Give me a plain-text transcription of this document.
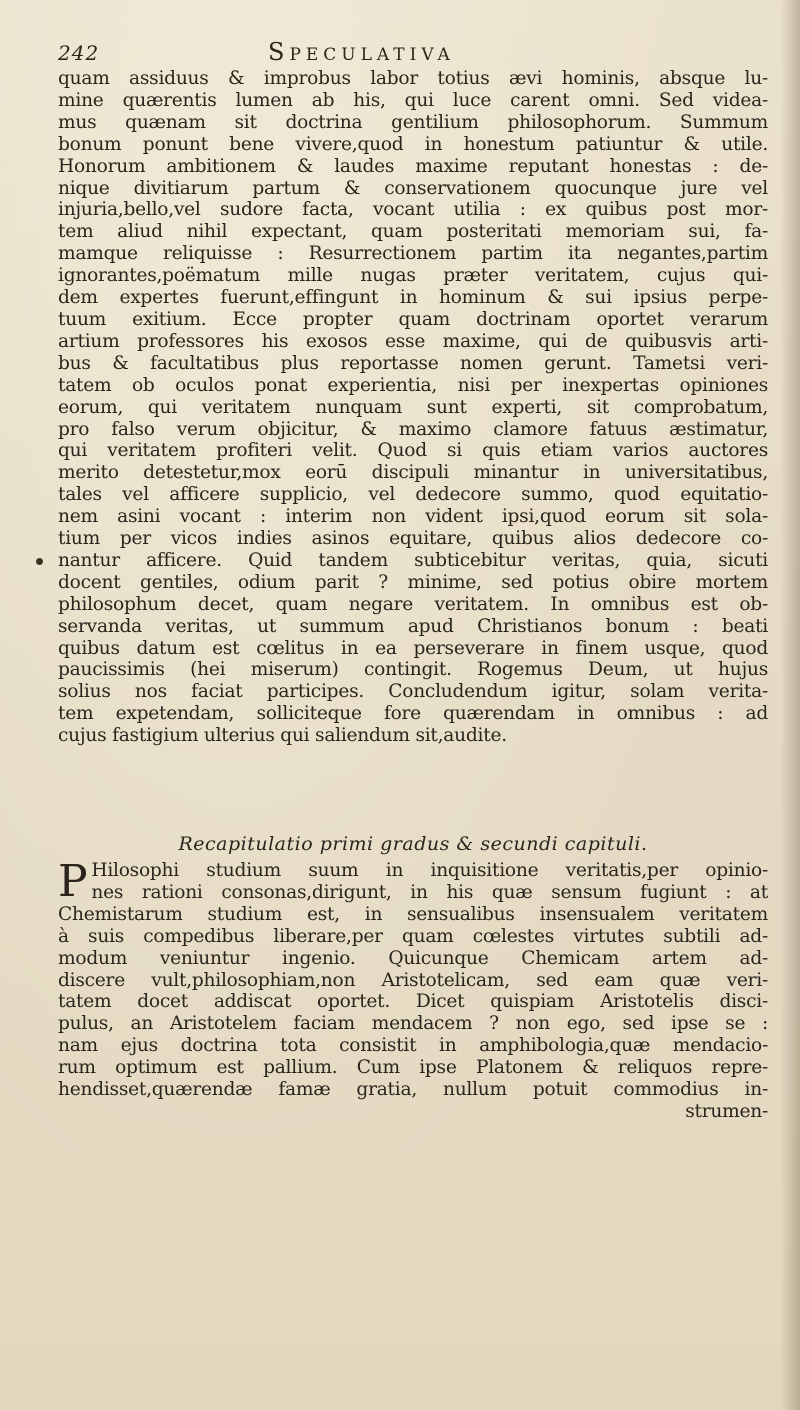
242	Speculativa
quam assiduus & improbus labor totius ævi hominis, absque lu-
mine quærentis lumen ab his, qui luce carent omni. Sed videa-
mus quænam sit doctrina gentilium philosophorum. Summum
bonum ponunt bene vivere,quod in honestum patiuntur & utile.
Honorum ambitionem & laudes maxime reputant honestas : de-
nique divitiarum partum & conservationem quocunque jure vel
injuria,bello,vel sudore facta, vocant utilia : ex quibus post mor-
tem aliud nihil expectant, quam posteritati memoriam sui, fa-
mamque reliquisse : Resurrectionem partim ita negantes,partim
ignorantes,poëmatum mille nugas præter veritatem, cujus qui-
dem expertes fuerunt,effingunt in hominum & sui ipsius perpe-
tuum exitium. Ecce propter quam doctrinam oportet verarum
artium professores his exosos esse maxime, qui de quibusvis arti-
bus & facultatibus plus reportasse nomen gerunt. Tametsi veri-
tatem ob oculos ponat experientia, nisi per inexpertas opiniones
eorum, qui veritatem nunquam sunt experti, sit comprobatum,
pro falso verum objicitur, & maximo clamore fatuus æstimatur,
qui veritatem profiteri velit. Quod si quis etiam varios auctores
merito detestetur,mox eorū discipuli minantur in universitatibus,
tales vel afficere supplicio, vel dedecore summo, quod equitatio-
nem asini vocant : interim non vident ipsi,quod eorum sit sola-
tium per vicos indies asinos equitare, quibus alios dedecore co-
nantur afficere. Quid tandem subticebitur veritas, quia, sicuti
docent gentiles, odium parit ? minime, sed potius obire mortem
philosophum decet, quam negare veritatem. In omnibus est ob-
servanda veritas, ut summum apud Christianos bonum : beati
quibus datum est cœlitus in ea perseverare in finem usque, quod
paucissimis (hei miserum) contingit. Rogemus Deum, ut hujus
solius nos faciat participes. Concludendum igitur, solam verita-
tem expetendam, solliciteque fore quærendam in omnibus : ad
cujus fastigium ulterius qui saliendum sit,audite.
Recapitulatio primi gradus & secundi capituli.
P Hilosophi studium suum in inquisitione veritatis,per opinio-
nes rationi consonas,dirigunt, in his quæ sensum fugiunt : at
Chemistarum studium est, in sensualibus insensualem veritatem
à suis compedibus liberare,per quam cœlestes virtutes subtili ad-
modum veniuntur ingenio. Quicunque Chemicam artem ad-
discere vult,philosophiam,non Aristotelicam, sed eam quæ veri-
tatem docet addiscat oportet. Dicet quispiam Aristotelis disci-
pulus, an Aristotelem faciam mendacem ? non ego, sed ipse se :
nam ejus doctrina tota consistit in amphibologia,quæ mendacio-
rum optimum est pallium. Cum ipse Platonem & reliquos repre-
hendisset,quærendæ famæ gratia, nullum potuit commodius in-
strumen-
